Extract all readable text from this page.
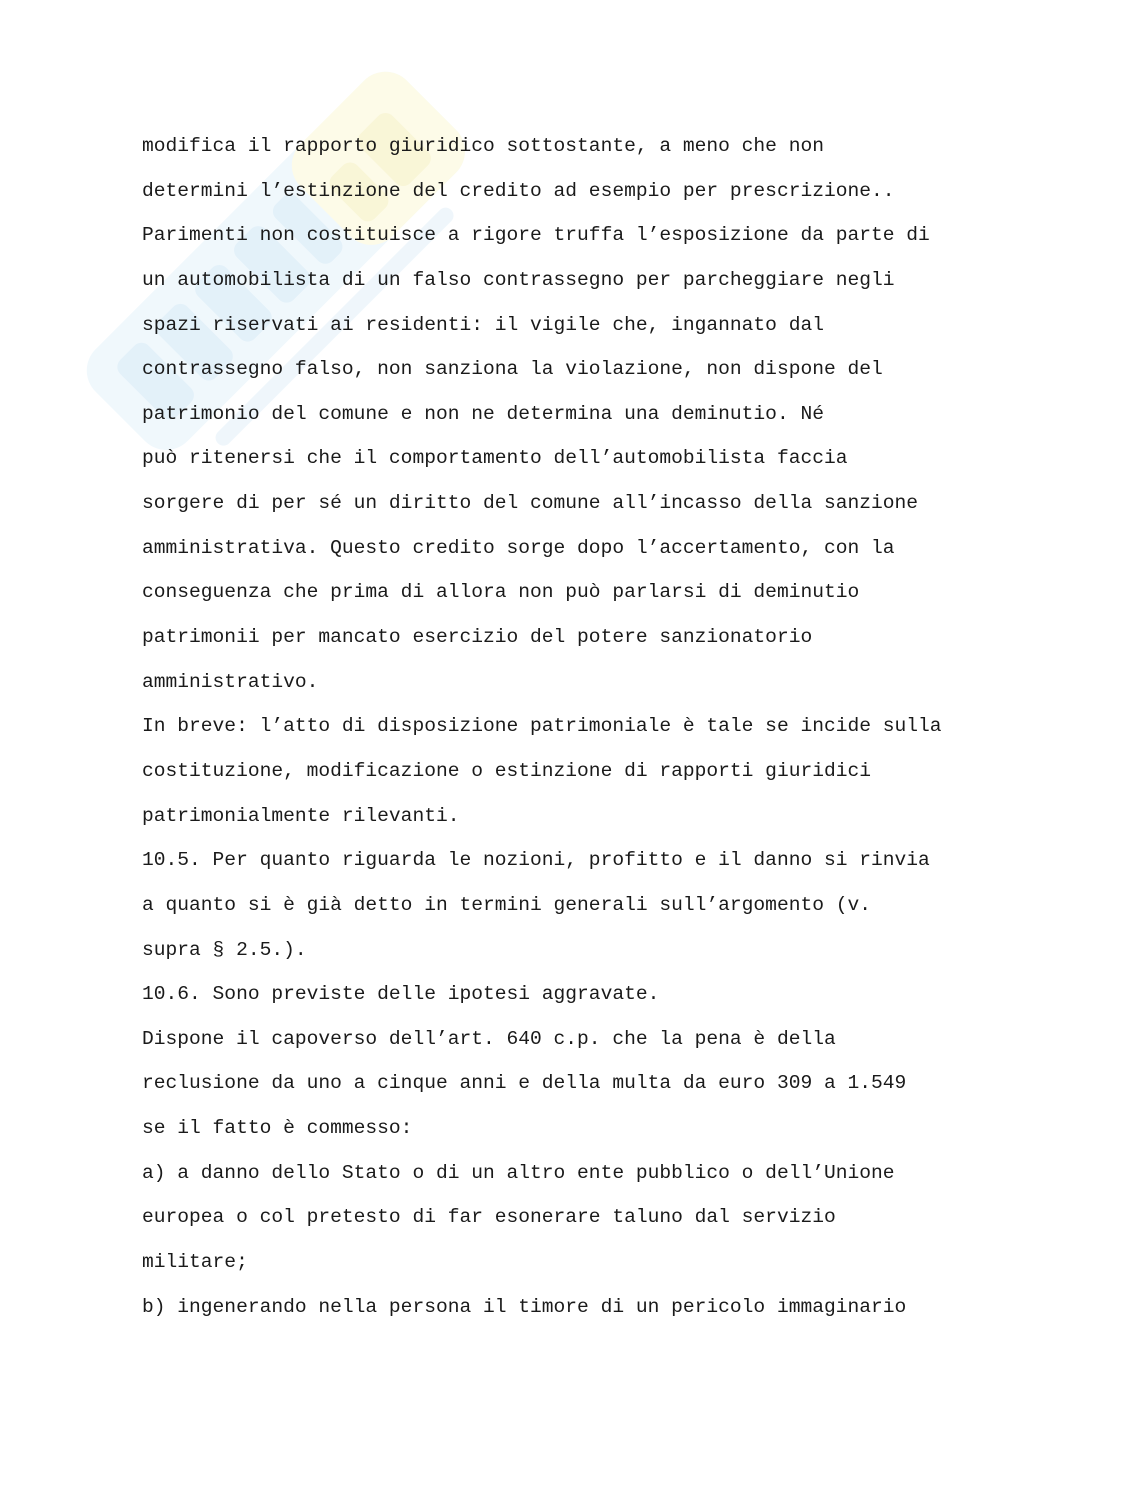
modifica il rapporto giuridico sottostante, a meno che non
determini l’estinzione del credito ad esempio per prescrizione..
Parimenti non costituisce a rigore truffa l’esposizione da parte di
un automobilista di un falso contrassegno per parcheggiare negli
spazi riservati ai residenti: il vigile che, ingannato dal
contrassegno falso, non sanziona la violazione, non dispone del
patrimonio del comune e non ne determina una deminutio. Né
può ritenersi che il comportamento dell’automobilista faccia
sorgere di per sé un diritto del comune all’incasso della sanzione
amministrativa. Questo credito sorge dopo l’accertamento, con la
conseguenza che prima di allora non può parlarsi di deminutio
patrimonii per mancato esercizio del potere sanzionatorio
amministrativo.
In breve: l’atto di disposizione patrimoniale è tale se incide sulla
costituzione, modificazione o estinzione di rapporti giuridici
patrimonialmente rilevanti.
10.5. Per quanto riguarda le nozioni, profitto e il danno si rinvia
a quanto si è già detto in termini generali sull’argomento (v.
supra § 2.5.).
10.6. Sono previste delle ipotesi aggravate.
Dispone il capoverso dell’art. 640 c.p. che la pena è della
reclusione da uno a cinque anni e della multa da euro 309 a 1.549
se il fatto è commesso:
a) a danno dello Stato o di un altro ente pubblico o dell’Unione
europea o col pretesto di far esonerare taluno dal servizio
militare;
b) ingenerando nella persona il timore di un pericolo immaginario
